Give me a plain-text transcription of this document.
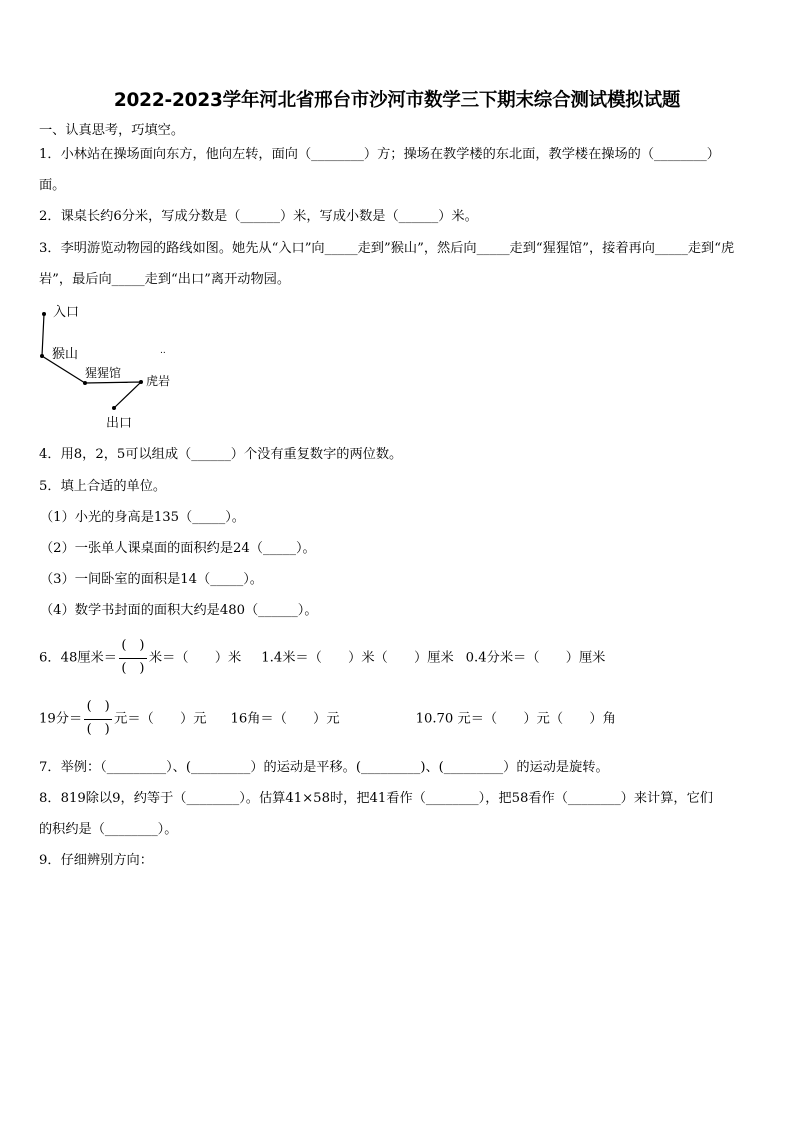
2022-2023学年河北省邢台市沙河市数学三下期末综合测试模拟试题
一、认真思考，巧填空。
1．小林站在操场面向东方，他向左转，面向（________）方；操场在教学楼的东北面，教学楼在操场的（________）
面。
2．课桌长约6分米，写成分数是（______）米，写成小数是（______）米。
3．李明游览动物园的路线如图。她先从“入口”向_____走到”猴山”，然后向_____走到“猩猩馆”，接着再向_____走到“虎
岩”，最后向_____走到“出口”离开动物园。
入口
猴山
猩猩馆
虎岩
出口
..
4．用8，2，5可以组成（______）个没有重复数字的两位数。
5．填上合适的单位。
（1）小光的身高是135（_____）。
（2）一张单人课桌面的面积约是24（_____）。
（3）一间卧室的面积是14（_____）。
（4）数学书封面的面积大约是480（______）。
6．48厘米＝ $\frac{( )}{( )}$ 米＝（　　）米 1.4米＝（　　）米（　　）厘米 0.4分米＝（　　）厘米
19分＝ $\frac{( )}{( )}$ 元＝（　　）元 16角＝（　　）元	10.70 元＝（　　）元（　　）角
7．举例：（_________）、(_________）的运动是平移。(_________)、(_________）的运动是旋转。
8．819除以9，约等于（________）。估算41×58时，把41看作（________），把58看作（________）来计算，它们
的积约是（________）。
9．仔细辨别方向：
